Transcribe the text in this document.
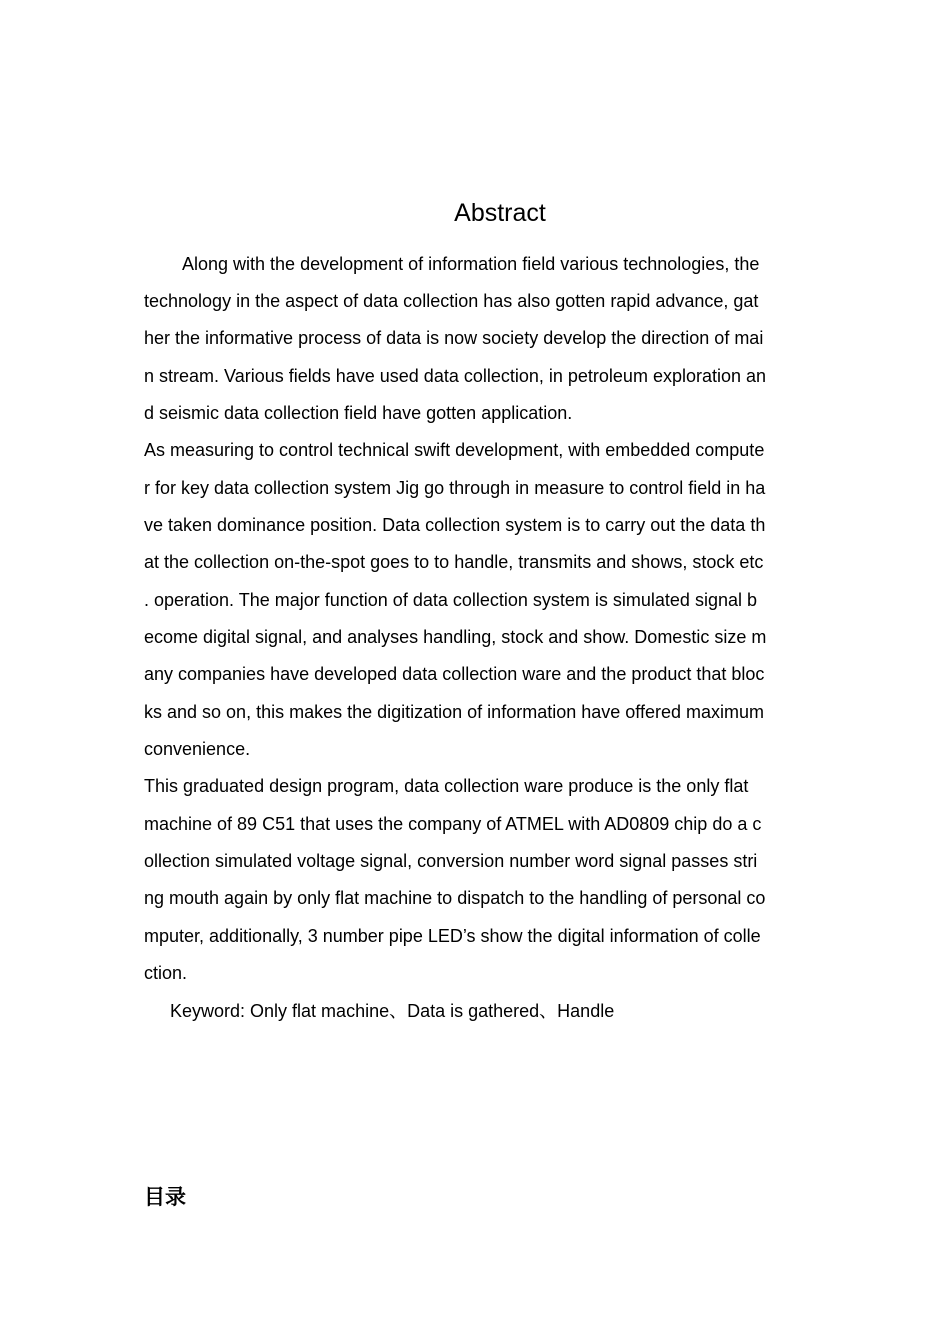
Abstract

Along with the development of information field various technologies, the

technology in the aspect of data collection has also gotten rapid advance, gat

her the informative process of data is now society develop the direction of mai

n stream. Various fields have used data collection, in petroleum exploration an

d seismic data collection field have gotten application.

As measuring to control technical swift development, with embedded compute

r for key data collection system Jig go through in measure to control field in ha

ve taken dominance position. Data collection system is to carry out the data th

at the collection on-the-spot goes to to handle, transmits and shows, stock etc

. operation. The major function of data collection system is simulated signal b

ecome digital signal, and analyses handling, stock and show. Domestic size m

any companies have developed data collection ware and the product that bloc

ks and so on, this makes the digitization of information have offered maximum

convenience.

This graduated design program, data collection ware produce is the only flat

machine of 89 C51 that uses the company of ATMEL with AD0809 chip do a c

ollection simulated voltage signal, conversion number word signal passes stri

ng mouth again by only flat machine to dispatch to the handling of personal co

mputer, additionally, 3 number pipe LED’s show the digital information of colle

ction.

Keyword: Only flat machine、Data is gathered、Handle

目录
